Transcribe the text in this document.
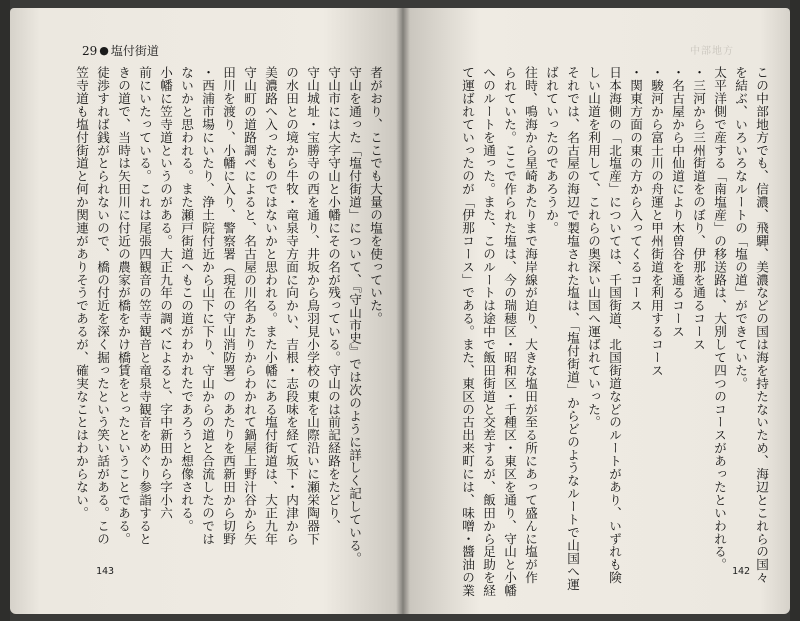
29 ● 塩付街道	中部地方
この中部地方でも、信濃、飛驒、美濃などの国は海を持たないため、海辺とこれらの国々
を結ぶ、いろいろなルートの「塩の道」ができていた。
太平洋側で産する「南塩産」の移送路は、大別して四つのコースがあったといわれる。
・三河から三州街道をのぼり、伊那を通るコース
・名古屋から中仙道により木曽谷を通るコース
・駿河から富士川の舟運と甲州街道を利用するコース
・関東方面の東の方から入ってくるコース
日本海側の「北塩産」については、千国街道、北国街道などのルートがあり、いずれも険
しい山道を利用して、これらの奥深い山国へ運ばれていった。
それでは、名古屋の海辺で製塩された塩は、「塩付街道」からどのようなルートで山国へ運
ばれていったのであろうか。
往時、鳴海から星崎あたりまで海岸線が迫り、大きな塩田が至る所にあって盛んに塩が作
られていた。ここで作られた塩は、今の瑞穂区・昭和区・千種区・東区を通り、守山と小幡
へのルートを通った。また、このルートは途中で飯田街道と交差するが、飯田から足助を経
て運ばれていったのが「伊那コース」である。また、東区の古出来町には、味噌・醬油の業
者がおり、ここでも大量の塩を使っていた。
守山を通った「塩付街道」について、『守山市史』では次のように詳しく記している。
守山市には大字守山と小幡にその名が残っている。守山のは前記経路をたどり、
守山城址・宝勝寺の西を通り、井坂から鳥羽見小学校の東を山際沿いに瀬栄陶器下
の水田との境から牛牧・竜泉寺方面に向かい、吉根・志段味を経て坂下・内津から
美濃路へ入ったものではないかと思われる。また小幡にある塩付街道は、大正九年
守山町の道路調べによると、名古屋の川名あたりからわかれて鍋屋上野汁谷から矢
田川を渡り、小幡に入り、警察署（現在の守山消防署）のあたりを西新田から切野
・西浦市場にいたり、浄土院付近から山下に下り、守山からの道と合流したのでは
ないかと思われる。また瀬戸街道へもこの道がわかれたであろうと想像される。
小幡に笠寺道というのがある。大正九年の調べによると、字中新田から字小六
前にいたっている。これは尾張四観音の笠寺観音と竜泉寺観音をめぐり参詣すると
きの道で、当時は矢田川に付近の農家が橋をかけ橋賃をとったということである。
徒渉すれば銭がとられないので、橋の付近を深く掘ったという笑い話がある。この
笠寺道も塩付街道と何か関連がありそうであるが、確実なことはわからない。
143	142
